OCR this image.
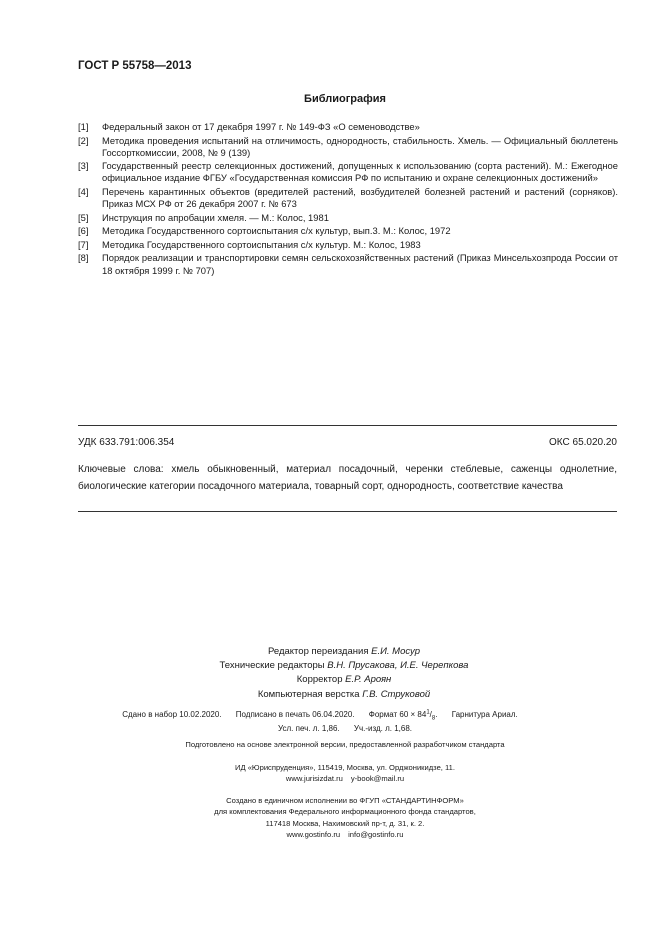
ГОСТ Р 55758—2013
Библиография
[1]	Федеральный закон от 17 декабря 1997 г. № 149-ФЗ «О семеноводстве»
[2]	Методика проведения испытаний на отличимость, однородность, стабильность. Хмель. — Официальный бюллетень Госсорткомиссии, 2008, № 9 (139)
[3]	Государственный реестр селекционных достижений, допущенных к использованию (сорта растений). М.: Ежегодное официальное издание ФГБУ «Государственная комиссия РФ по испытанию и охране селекционных достижений»
[4]	Перечень карантинных объектов (вредителей растений, возбудителей болезней растений и растений (сорняков). Приказ МСХ РФ от 26 декабря 2007 г. № 673
[5]	Инструкция по апробации хмеля. — М.: Колос, 1981
[6]	Методика Государственного сортоиспытания с/х культур, вып.3. М.: Колос, 1972
[7]	Методика Государственного сортоиспытания с/х культур. М.: Колос, 1983
[8]	Порядок реализации и транспортировки семян сельскохозяйственных растений (Приказ Минсельхозпрода России от 18 октября 1999 г. № 707)
УДК 633.791:006.354	ОКС 65.020.20

Ключевые слова: хмель обыкновенный, материал посадочный, черенки стеблевые, саженцы однолетние, биологические категории посадочного материала, товарный сорт, однородность, соответствие качества

Редактор переиздания Е.И. Мосур
Технические редакторы В.Н. Прусакова, И.Е. Черепкова
Корректор Е.Р. Ароян
Компьютерная верстка Г.В. Струковой
Сдано в набор 10.02.2020. Подписано в печать 06.04.2020. Формат $60 \times 84^1/_8$. Гарнитура Ариал.
Усл. печ. л. 1,86. Уч.-изд. л. 1,68.
Подготовлено на основе электронной версии, предоставленной разработчиком стандарта
ИД «Юриспруденция», 115419, Москва, ул. Орджоникидзе, 11.
www.jurisizdat.ru y-book@mail.ru
Создано в единичном исполнении во ФГУП «СТАНДАРТИНФОРМ»
для комплектования Федерального информационного фонда стандартов,
117418 Москва, Нахимовский пр-т, д. 31, к. 2.
www.gostinfo.ru info@gostinfo.ru
